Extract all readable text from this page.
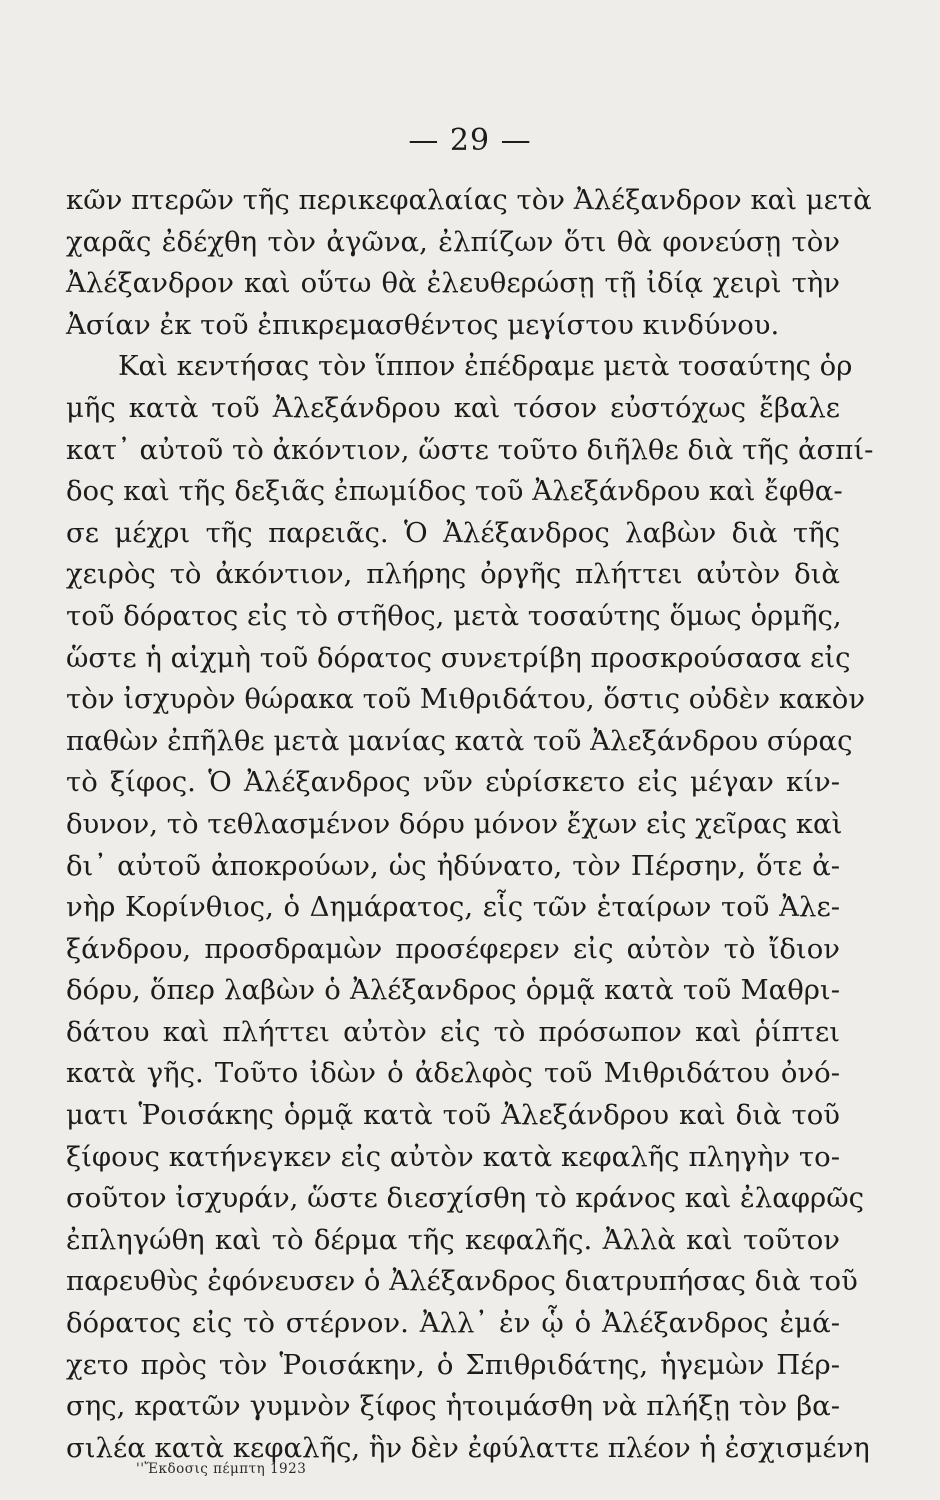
— 29 —
κῶν πτερῶν τῆς περικεφαλαίας τὸν Ἀλέξανδρον καὶ μετὰ
χαρᾶς ἐδέχθη τὸν ἀγῶνα, ἐλπίζων ὅτι θὰ φονεύσῃ τὸν
Ἀλέξανδρον καὶ οὕτω θὰ ἐλευθερώσῃ τῇ ἰδίᾳ χειρὶ τὴν
Ἀσίαν ἐκ τοῦ ἐπικρεμασθέντος μεγίστου κινδύνου.
Καὶ κεντήσας τὸν ἵππον ἐπέδραμε μετὰ τοσαύτης ὁρ
μῆς κατὰ τοῦ Ἀλεξάνδρου καὶ τόσον εὐστόχως ἔβαλε
κατ᾽ αὐτοῦ τὸ ἀκόντιον, ὥστε τοῦτο διῆλθε διὰ τῆς ἀσπί-
δος καὶ τῆς δεξιᾶς ἐπωμίδος τοῦ Ἀλεξάνδρου καὶ ἔφθα-
σε μέχρι τῆς παρειᾶς. Ὁ Ἀλέξανδρος λαβὼν διὰ τῆς
χειρὸς τὸ ἀκόντιον, πλήρης ὀργῆς πλήττει αὐτὸν διὰ
τοῦ δόρατος εἰς τὸ στῆθος, μετὰ τοσαύτης ὅμως ὁρμῆς,
ὥστε ἡ αἰχμὴ τοῦ δόρατος συνετρίβη προσκρούσασα εἰς
τὸν ἰσχυρὸν θώρακα τοῦ Μιθριδάτου, ὅστις οὐδὲν κακὸν
παθὼν ἐπῆλθε μετὰ μανίας κατὰ τοῦ Ἀλεξάνδρου σύρας
τὸ ξίφος. Ὁ Ἀλέξανδρος νῦν εὑρίσκετο εἰς μέγαν κίν-
δυνον, τὸ τεθλασμένον δόρυ μόνον ἔχων εἰς χεῖρας καὶ
δι᾽ αὐτοῦ ἀποκρούων, ὡς ἠδύνατο, τὸν Πέρσην, ὅτε ἀ-
νὴρ Κορίνθιος, ὁ Δημάρατος, εἷς τῶν ἑταίρων τοῦ Ἀλε-
ξάνδρου, προσδραμὼν προσέφερεν εἰς αὐτὸν τὸ ἴδιον
δόρυ, ὅπερ λαβὼν ὁ Ἀλέξανδρος ὁρμᾷ κατὰ τοῦ Μαθρι-
δάτου καὶ πλήττει αὐτὸν εἰς τὸ πρόσωπον καὶ ῥίπτει
κατὰ γῆς. Τοῦτο ἰδὼν ὁ ἀδελφὸς τοῦ Μιθριδάτου ὀνό-
ματι Ῥοισάκης ὁρμᾷ κατὰ τοῦ Ἀλεξάνδρου καὶ διὰ τοῦ
ξίφους κατήνεγκεν εἰς αὐτὸν κατὰ κεφαλῆς πληγὴν το-
σοῦτον ἰσχυράν, ὥστε διεσχίσθη τὸ κράνος καὶ ἐλαφρῶς
ἐπληγώθη καὶ τὸ δέρμα τῆς κεφαλῆς. Ἀλλὰ καὶ τοῦτον
παρευθὺς ἐφόνευσεν ὁ Ἀλέξανδρος διατρυπήσας διὰ τοῦ
δόρατος εἰς τὸ στέρνον. Ἀλλ᾽ ἐν ᾧ ὁ Ἀλέξανδρος ἐμά-
χετο πρὸς τὸν Ῥοισάκην, ὁ Σπιθριδάτης, ἡγεμὼν Πέρ-
σης, κρατῶν γυμνὸν ξίφος ἡτοιμάσθη νὰ πλήξῃ τὸν βα-
σιλέα κατὰ κεφαλῆς, ἣν δὲν ἐφύλαττε πλέον ἡ ἐσχισμένη
''Ἔκδοσις πέμπτη 1923
